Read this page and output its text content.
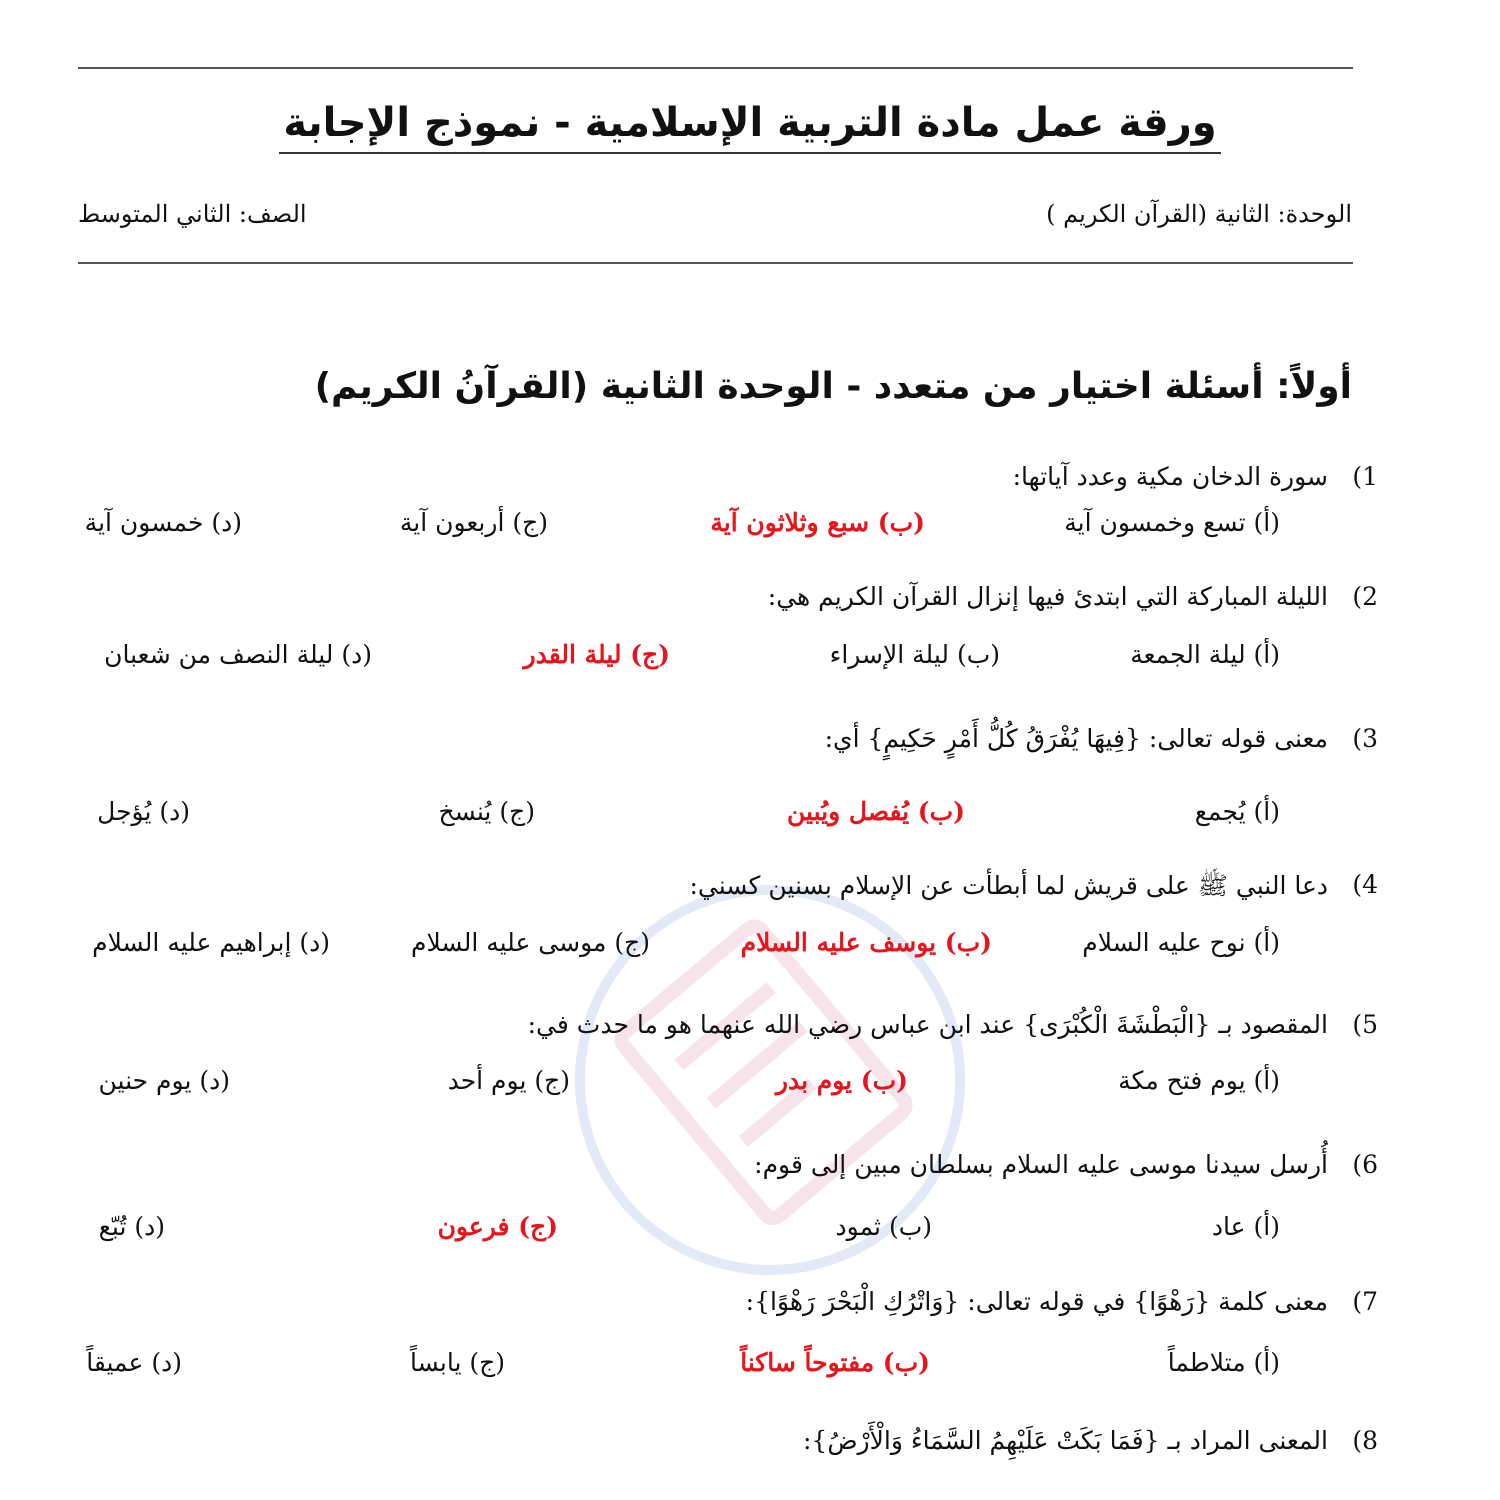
ورقة عمل مادة التربية الإسلامية - نموذج الإجابة
الوحدة: الثانية (القرآن الكريم )
الصف: الثاني المتوسط
أولاً: أسئلة اختيار من متعدد - الوحدة الثانية (القرآنُ الكريم)
1)
سورة الدخان مكية وعدد آياتها:
(أ) تسع وخمسون آية
(ب) سبع وثلاثون آية
(ج) أربعون آية
(د) خمسون آية
2)
الليلة المباركة التي ابتدئ فيها إنزال القرآن الكريم هي:
(أ) ليلة الجمعة
(ب) ليلة الإسراء
(ج) ليلة القدر
(د) ليلة النصف من شعبان
3)
معنى قوله تعالى: {فِيهَا يُفْرَقُ كُلُّ أَمْرٍ حَكِيمٍ} أي:
(أ) يُجمع
(ب) يُفصل ويُبين
(ج) يُنسخ
(د) يُؤجل
4)
دعا النبي ﷺ على قريش لما أبطأت عن الإسلام بسنين كسني:
(أ) نوح عليه السلام
(ب) يوسف عليه السلام
(ج) موسى عليه السلام
(د) إبراهيم عليه السلام
5)
المقصود بـ {الْبَطْشَةَ الْكُبْرَى} عند ابن عباس رضي الله عنهما هو ما حدث في:
(أ) يوم فتح مكة
(ب) يوم بدر
(ج) يوم أحد
(د) يوم حنين
6)
أُرسل سيدنا موسى عليه السلام بسلطان مبين إلى قوم:
(أ) عاد
(ب) ثمود
(ج) فرعون
(د) تُبّع
7)
معنى كلمة {رَهْوًا} في قوله تعالى: {وَاتْرُكِ الْبَحْرَ رَهْوًا}:
(أ) متلاطماً
(ب) مفتوحاً ساكناً
(ج) يابساً
(د) عميقاً
8)
المعنى المراد بـ {فَمَا بَكَتْ عَلَيْهِمُ السَّمَاءُ وَالْأَرْضُ}:
